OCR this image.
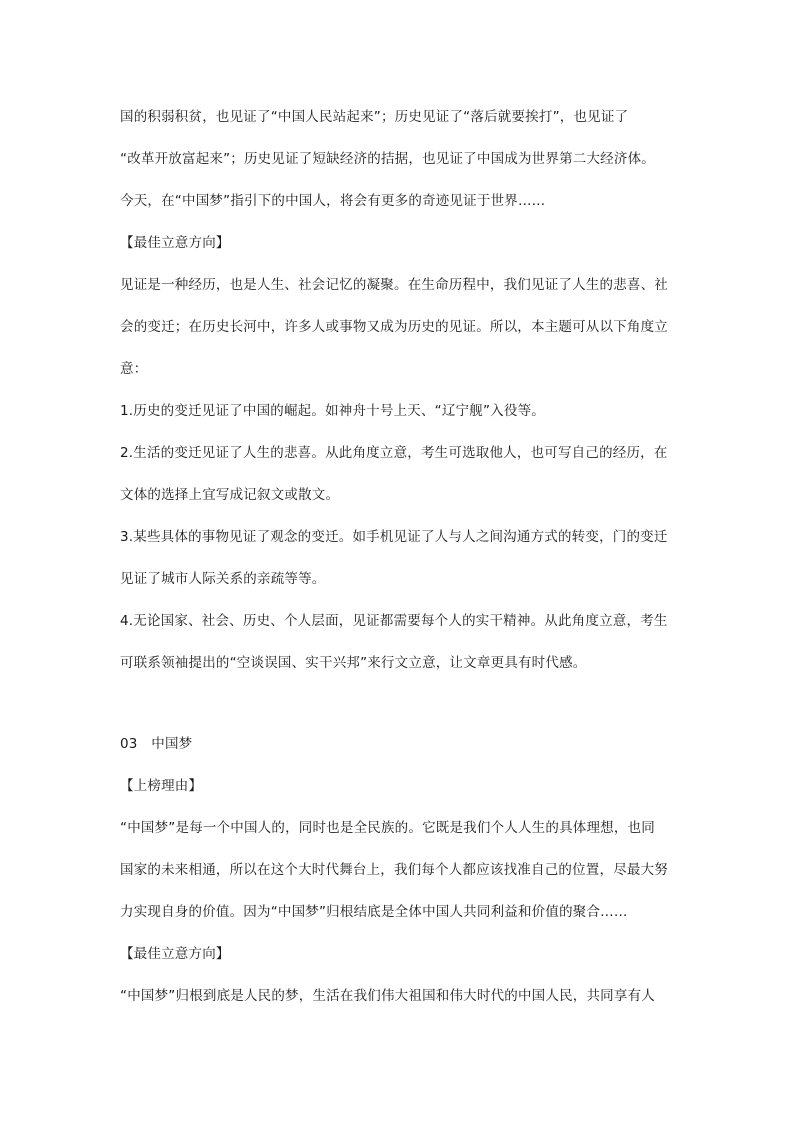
国的积弱积贫，也见证了“中国人民站起来”；历史见证了“落后就要挨打”，也见证了
“改革开放富起来”；历史见证了短缺经济的拮据，也见证了中国成为世界第二大经济体。
今天，在“中国梦”指引下的中国人，将会有更多的奇迹见证于世界……
【最佳立意方向】
见证是一种经历，也是人生、社会记忆的凝聚。在生命历程中，我们见证了人生的悲喜、社
会的变迁；在历史长河中，许多人或事物又成为历史的见证。所以，本主题可从以下角度立
意：
1.历史的变迁见证了中国的崛起。如神舟十号上天、“辽宁舰”入役等。
2.生活的变迁见证了人生的悲喜。从此角度立意，考生可选取他人，也可写自己的经历，在
文体的选择上宜写成记叙文或散文。
3.某些具体的事物见证了观念的变迁。如手机见证了人与人之间沟通方式的转变，门的变迁
见证了城市人际关系的亲疏等等。
4.无论国家、社会、历史、个人层面，见证都需要每个人的实干精神。从此角度立意，考生
可联系领袖提出的“空谈误国、实干兴邦”来行文立意，让文章更具有时代感。
03　中国梦
【上榜理由】
“中国梦”是每一个中国人的，同时也是全民族的。它既是我们个人人生的具体理想，也同
国家的未来相通，所以在这个大时代舞台上，我们每个人都应该找准自己的位置，尽最大努
力实现自身的价值。因为“中国梦”归根结底是全体中国人共同利益和价值的聚合……
【最佳立意方向】
“中国梦”归根到底是人民的梦，生活在我们伟大祖国和伟大时代的中国人民，共同享有人
